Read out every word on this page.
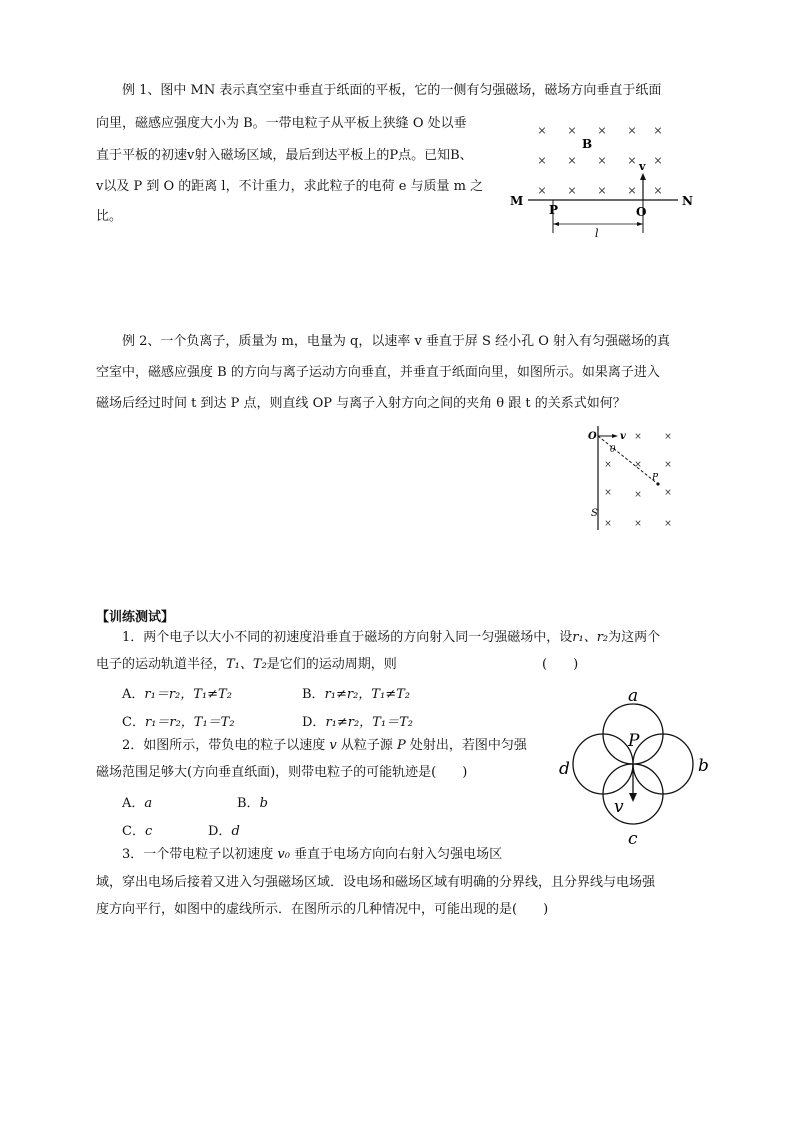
例 1、图中 MN 表示真空室中垂直于纸面的平板，它的一侧有匀强磁场，磁场方向垂直于纸面
向里，磁感应强度大小为 B。一带电粒子从平板上狭缝 O 处以垂
直于平板的初速v射入磁场区域，最后到达平板上的P点。已知B、
v以及 P 到 O 的距离 l，不计重力，求此粒子的电荷 e 与质量 m 之
比。
× × × × ×
× × × × ×
× × × × ×
B
M	N
v
P	O
l
例 2、一个负离子，质量为 m，电量为 q，以速率 v 垂直于屏 S 经小孔 O 射入有匀强磁场的真
空室中，磁感应强度 B 的方向与离子运动方向垂直，并垂直于纸面向里，如图所示。如果离子进入
磁场后经过时间 t 到达 P 点，则直线 OP 与离子入射方向之间的夹角 θ 跟 t 的关系式如何？
O v × ×
× ×
×
× × ×
× × ×
P
θ
S
【训练测试】
1．两个电子以大小不同的初速度沿垂直于磁场的方向射入同一匀强磁场中，设r₁、r₂为这两个
电子的运动轨道半径，T₁、T₂是它们的运动周期，则	(　　)
A．r₁＝r₂，T₁≠T₂	B．r₁≠r₂，T₁≠T₂
C．r₁＝r₂，T₁＝T₂	D．r₁≠r₂，T₁＝T₂
2．如图所示，带负电的粒子以速度 v 从粒子源 P 处射出，若图中匀强
磁场范围足够大(方向垂直纸面)，则带电粒子的可能轨迹是(　　)
A．a	B．b
C．c	D．d
a
b
c
d
P
v
3．一个带电粒子以初速度 v₀ 垂直于电场方向向右射入匀强电场区
域，穿出电场后接着又进入匀强磁场区域．设电场和磁场区域有明确的分界线，且分界线与电场强
度方向平行，如图中的虚线所示．在图所示的几种情况中，可能出现的是(　　)
